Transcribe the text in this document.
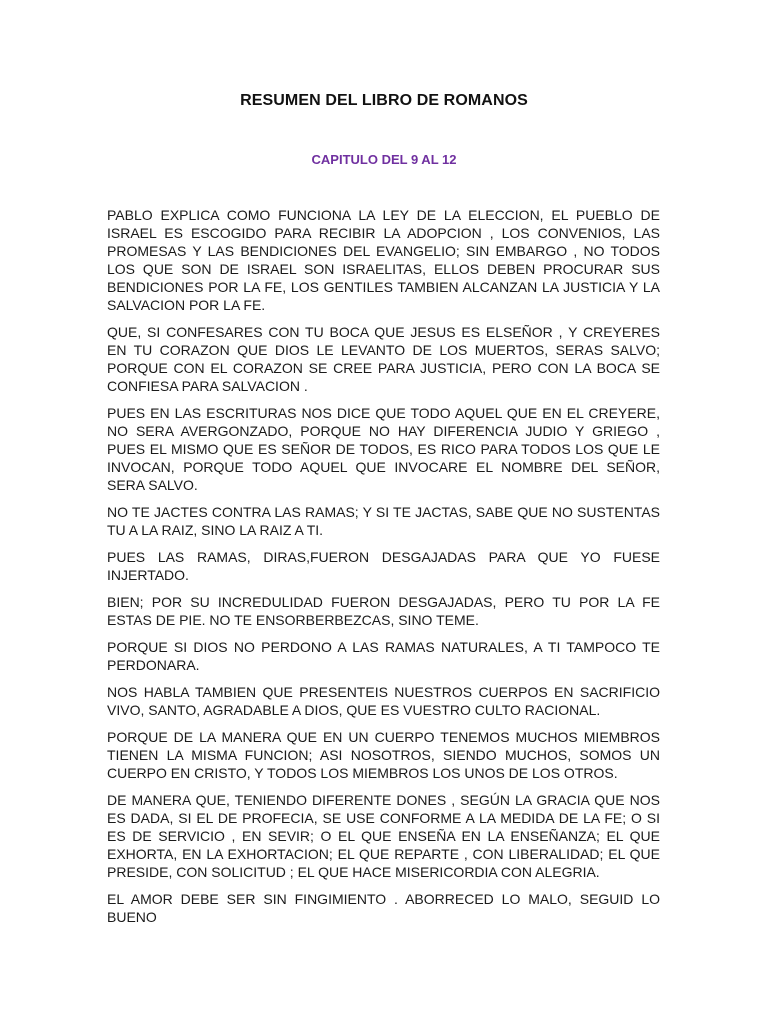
RESUMEN DEL LIBRO DE ROMANOS
CAPITULO DEL 9 AL 12

PABLO EXPLICA COMO FUNCIONA LA LEY DE LA ELECCION, EL PUEBLO DE ISRAEL ES ESCOGIDO PARA RECIBIR LA ADOPCION , LOS CONVENIOS, LAS PROMESAS Y LAS BENDICIONES DEL EVANGELIO; SIN EMBARGO , NO TODOS LOS QUE SON DE ISRAEL SON ISRAELITAS, ELLOS DEBEN PROCURAR SUS BENDICIONES POR LA FE, LOS GENTILES TAMBIEN ALCANZAN LA JUSTICIA Y LA SALVACION POR LA FE.

QUE, SI CONFESARES CON TU BOCA QUE JESUS ES ELSEÑOR , Y CREYERES EN TU CORAZON QUE DIOS LE LEVANTO DE LOS MUERTOS, SERAS SALVO; PORQUE CON EL CORAZON SE CREE PARA JUSTICIA, PERO CON LA BOCA SE CONFIESA PARA SALVACION .

PUES EN LAS ESCRITURAS NOS DICE QUE TODO AQUEL QUE EN EL CREYERE, NO SERA AVERGONZADO, PORQUE NO HAY DIFERENCIA JUDIO Y GRIEGO , PUES EL MISMO QUE ES SEÑOR DE TODOS, ES RICO PARA TODOS LOS QUE LE INVOCAN, PORQUE TODO AQUEL QUE INVOCARE EL NOMBRE DEL SEÑOR, SERA SALVO.

NO TE JACTES CONTRA LAS RAMAS; Y SI TE JACTAS, SABE QUE NO SUSTENTAS TU A LA RAIZ, SINO LA RAIZ A TI.

PUES LAS RAMAS, DIRAS,FUERON DESGAJADAS PARA QUE YO FUESE INJERTADO.

BIEN; POR SU INCREDULIDAD FUERON DESGAJADAS, PERO TU POR LA FE ESTAS DE PIE. NO TE ENSORBERBEZCAS, SINO TEME.

PORQUE SI DIOS NO PERDONO A LAS RAMAS NATURALES, A TI TAMPOCO TE PERDONARA.

NOS HABLA TAMBIEN QUE PRESENTEIS NUESTROS CUERPOS EN SACRIFICIO VIVO, SANTO, AGRADABLE A DIOS, QUE ES VUESTRO CULTO RACIONAL.

PORQUE DE LA MANERA QUE EN UN CUERPO TENEMOS MUCHOS MIEMBROS TIENEN LA MISMA FUNCION; ASI NOSOTROS, SIENDO MUCHOS, SOMOS UN CUERPO EN CRISTO, Y TODOS LOS MIEMBROS LOS UNOS DE LOS OTROS.

DE MANERA QUE, TENIENDO DIFERENTE DONES , SEGÚN LA GRACIA QUE NOS ES DADA, SI EL DE PROFECIA, SE USE CONFORME A LA MEDIDA DE LA FE; O SI ES DE SERVICIO , EN SEVIR; O EL QUE ENSEÑA EN LA ENSEÑANZA; EL QUE EXHORTA, EN LA EXHORTACION; EL QUE REPARTE , CON LIBERALIDAD; EL QUE PRESIDE, CON SOLICITUD ; EL QUE HACE MISERICORDIA CON ALEGRIA.

EL AMOR DEBE SER SIN FINGIMIENTO . ABORRECED LO MALO, SEGUID LO BUENO
